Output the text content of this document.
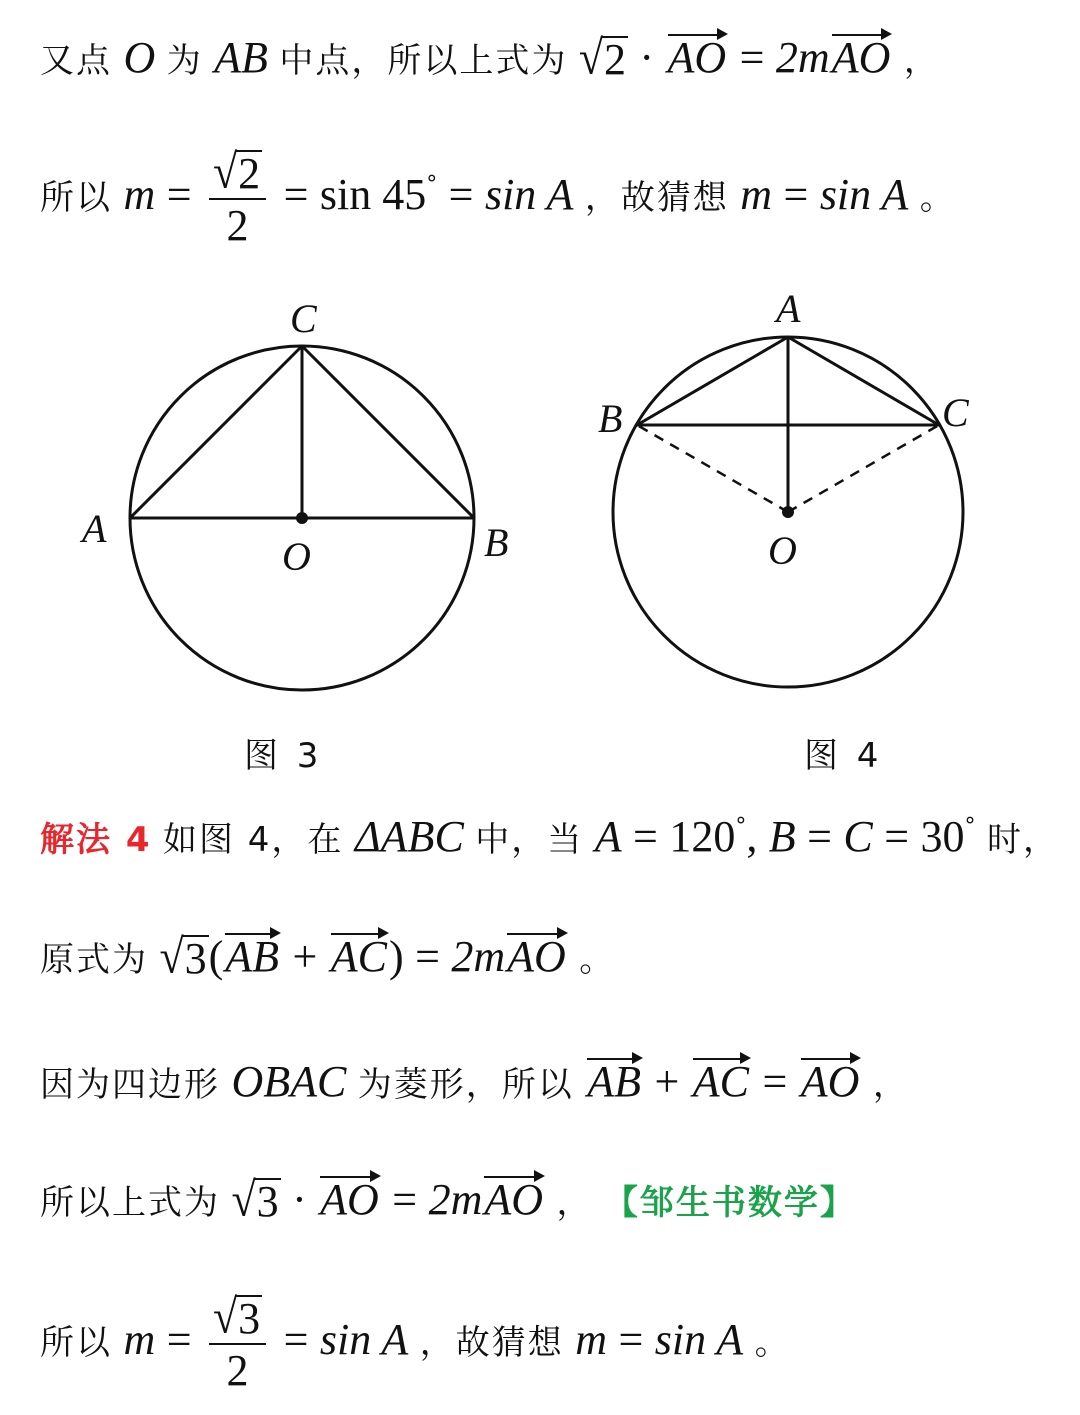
又点 O 为 AB 中点，所以上式为 √ 2 · AO = 2mAO ，
所以 $m = \frac{√ 2}{2} = \sin 45^\circ = \sin A$ ，故猜想 m = sin A 。
C
A	B
O
图 3
A
B	C
O
图 4
解法 4 如图 4，在 ΔABC 中，当 A = 120°, B = C = 30° 时，
原式为 √ 3 (AB + AC) = 2mAO 。
因为四边形 OBAC 为菱形，所以 AB + AC = AO ，
所以上式为 √ 3 · AO = 2mAO ， 【邹生书数学】
所以 $m = \frac{√ 3}{2} = \sin A$ ，故猜想 m = sin A 。
